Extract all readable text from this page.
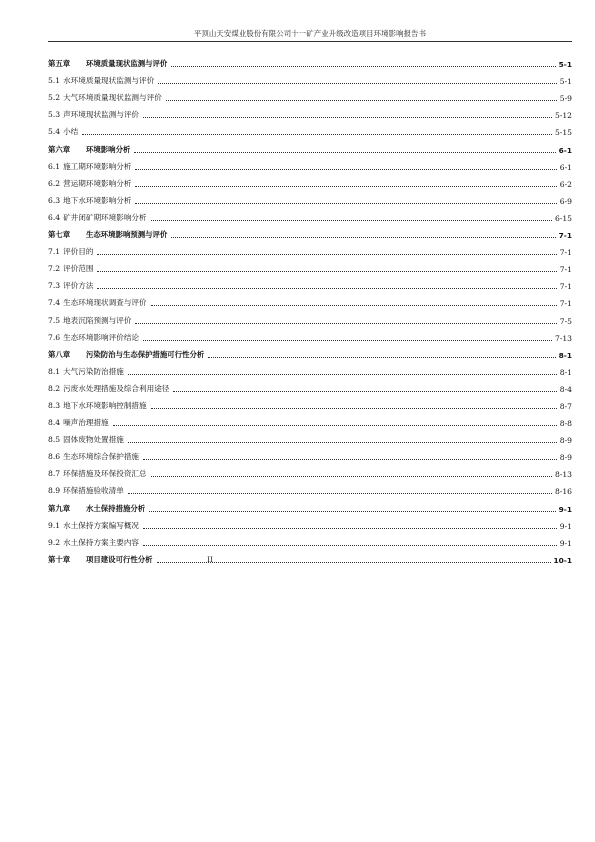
平顶山天安煤业股份有限公司十一矿产业升级改造项目环境影响报告书
第五章 环境质量现状监测与评价	5-1
5.1 水环境质量现状监测与评价	5-1
5.2 大气环境质量现状监测与评价	5-9
5.3 声环境现状监测与评价	5-12
5.4 小结	5-15
第六章 环境影响分析	6-1
6.1 施工期环境影响分析	6-1
6.2 营运期环境影响分析	6-2
6.3 地下水环境影响分析	6-9
6.4 矿井闭矿期环境影响分析	6-15
第七章 生态环境影响预测与评价	7-1
7.1 评价目的	7-1
7.2 评价范围	7-1
7.3 评价方法	7-1
7.4 生态环境现状调查与评价	7-1
7.5 地表沉陷预测与评价	7-5
7.6 生态环境影响评价结论	7-13
第八章 污染防治与生态保护措施可行性分析	8-1
8.1 大气污染防治措施	8-1
8.2 污废水处理措施及综合利用途径	8-4
8.3 地下水环境影响控制措施	8-7
8.4 噪声治理措施	8-8
8.5 固体废物处置措施	8-9
8.6 生态环境综合保护措施	8-9
8.7 环保措施及环保投资汇总	8-13
8.9 环保措施验收清单	8-16
第九章 水土保持措施分析	9-1
9.1 水土保持方案编写概况	9-1
9.2 水土保持方案主要内容	9-1
第十章 项目建设可行性分析	10-1
II
